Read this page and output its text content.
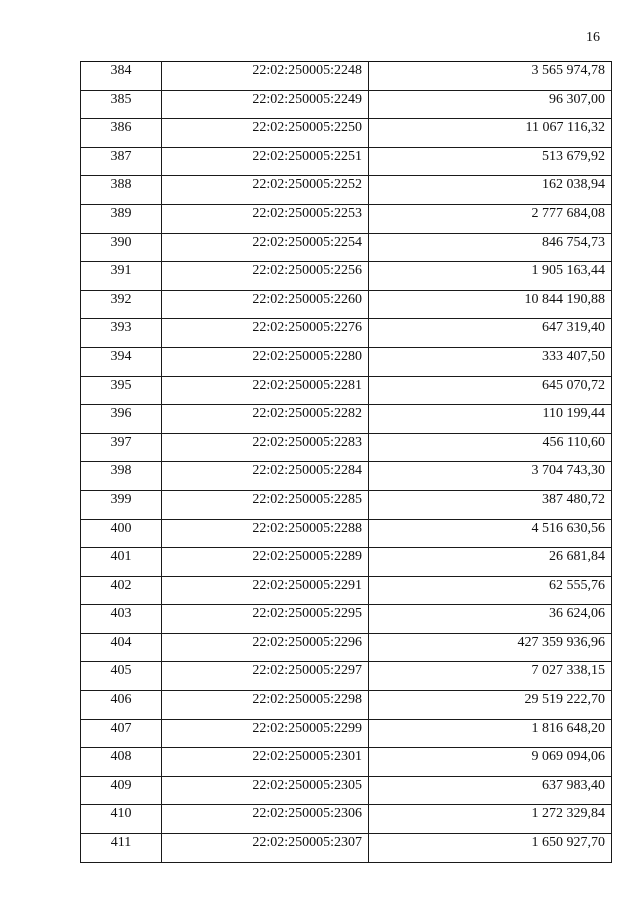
16
384	22:02:250005:2248	3 565 974,78
385	22:02:250005:2249	96 307,00
386	22:02:250005:2250	11 067 116,32
387	22:02:250005:2251	513 679,92
388	22:02:250005:2252	162 038,94
389	22:02:250005:2253	2 777 684,08
390	22:02:250005:2254	846 754,73
391	22:02:250005:2256	1 905 163,44
392	22:02:250005:2260	10 844 190,88
393	22:02:250005:2276	647 319,40
394	22:02:250005:2280	333 407,50
395	22:02:250005:2281	645 070,72
396	22:02:250005:2282	110 199,44
397	22:02:250005:2283	456 110,60
398	22:02:250005:2284	3 704 743,30
399	22:02:250005:2285	387 480,72
400	22:02:250005:2288	4 516 630,56
401	22:02:250005:2289	26 681,84
402	22:02:250005:2291	62 555,76
403	22:02:250005:2295	36 624,06
404	22:02:250005:2296	427 359 936,96
405	22:02:250005:2297	7 027 338,15
406	22:02:250005:2298	29 519 222,70
407	22:02:250005:2299	1 816 648,20
408	22:02:250005:2301	9 069 094,06
409	22:02:250005:2305	637 983,40
410	22:02:250005:2306	1 272 329,84
411	22:02:250005:2307	1 650 927,70
